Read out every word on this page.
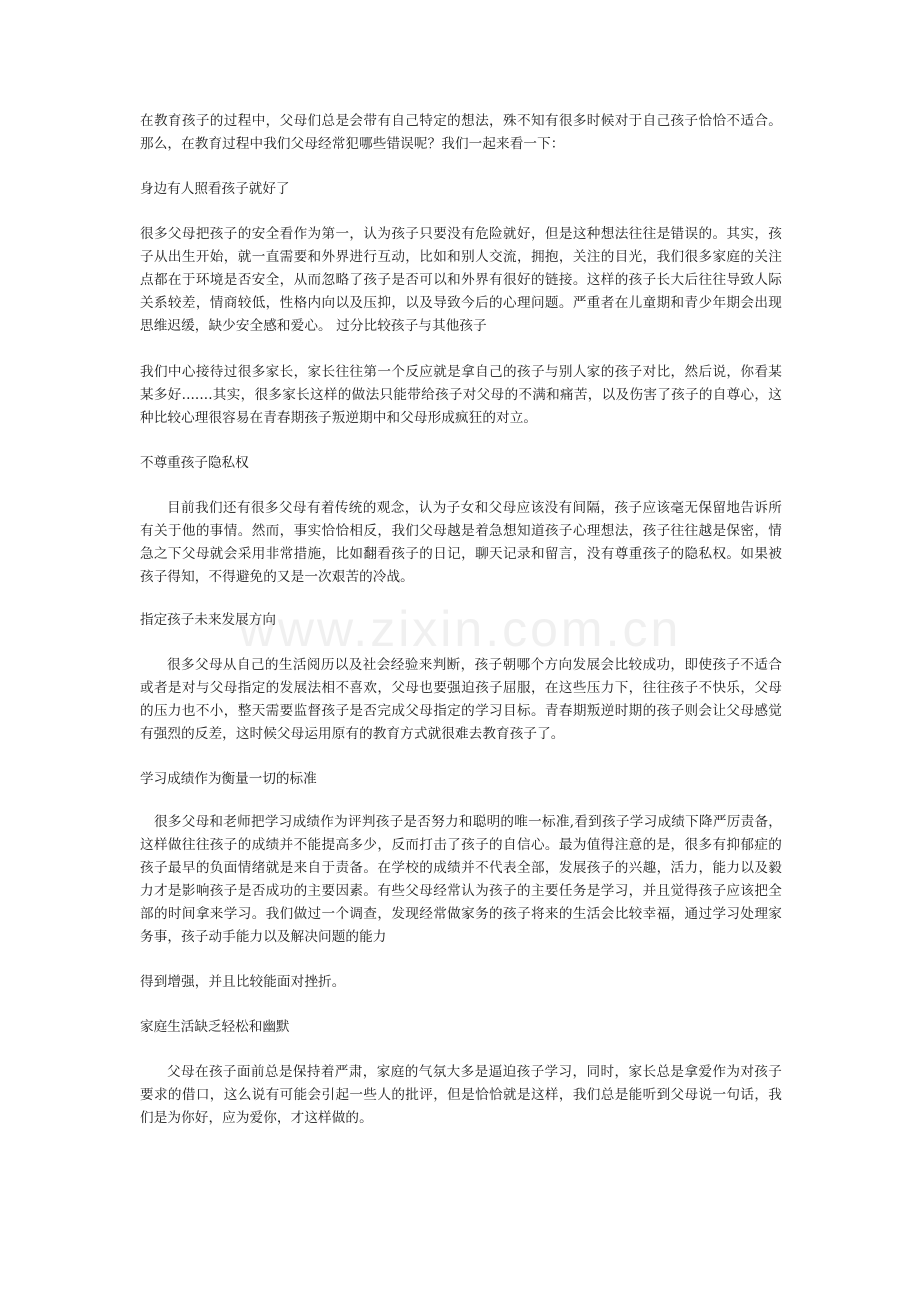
www.zixin.com.cn

在教育孩子的过程中，父母们总是会带有自己特定的想法，殊不知有很多时候对于自己孩子恰恰不适合。那么，在教育过程中我们父母经常犯哪些错误呢？我们一起来看一下：

身边有人照看孩子就好了

很多父母把孩子的安全看作为第一，认为孩子只要没有危险就好，但是这种想法往往是错误的。其实，孩子从出生开始，就一直需要和外界进行互动，比如和别人交流，拥抱，关注的目光，我们很多家庭的关注点都在于环境是否安全，从而忽略了孩子是否可以和外界有很好的链接。这样的孩子长大后往往导致人际关系较差，情商较低，性格内向以及压抑，以及导致今后的心理问题。严重者在儿童期和青少年期会出现思维迟缓，缺少安全感和爱心。 过分比较孩子与其他孩子

我们中心接待过很多家长，家长往往第一个反应就是拿自己的孩子与别人家的孩子对比，然后说，你看某某多好.......其实，很多家长这样的做法只能带给孩子对父母的不满和痛苦，以及伤害了孩子的自尊心，这种比较心理很容易在青春期孩子叛逆期中和父母形成疯狂的对立。

不尊重孩子隐私权

目前我们还有很多父母有着传统的观念，认为子女和父母应该没有间隔，孩子应该毫无保留地告诉所有关于他的事情。然而，事实恰恰相反，我们父母越是着急想知道孩子心理想法，孩子往往越是保密，情急之下父母就会采用非常措施，比如翻看孩子的日记，聊天记录和留言，没有尊重孩子的隐私权。如果被孩子得知，不得避免的又是一次艰苦的冷战。

指定孩子未来发展方向

很多父母从自己的生活阅历以及社会经验来判断，孩子朝哪个方向发展会比较成功，即使孩子不适合或者是对与父母指定的发展法相不喜欢，父母也要强迫孩子屈服，在这些压力下，往往孩子不快乐，父母的压力也不小，整天需要监督孩子是否完成父母指定的学习目标。青春期叛逆时期的孩子则会让父母感觉有强烈的反差，这时候父母运用原有的教育方式就很难去教育孩子了。

学习成绩作为衡量一切的标准

很多父母和老师把学习成绩作为评判孩子是否努力和聪明的唯一标准,看到孩子学习成绩下降严厉责备，这样做往往孩子的成绩并不能提高多少，反而打击了孩子的自信心。最为值得注意的是，很多有抑郁症的孩子最早的负面情绪就是来自于责备。在学校的成绩并不代表全部，发展孩子的兴趣，活力，能力以及毅力才是影响孩子是否成功的主要因素。有些父母经常认为孩子的主要任务是学习，并且觉得孩子应该把全部的时间拿来学习。我们做过一个调查，发现经常做家务的孩子将来的生活会比较幸福，通过学习处理家务事，孩子动手能力以及解决问题的能力

得到增强，并且比较能面对挫折。

家庭生活缺乏轻松和幽默

父母在孩子面前总是保持着严肃，家庭的气氛大多是逼迫孩子学习，同时，家长总是拿爱作为对孩子要求的借口，这么说有可能会引起一些人的批评，但是恰恰就是这样，我们总是能听到父母说一句话，我们是为你好，应为爱你，才这样做的。
